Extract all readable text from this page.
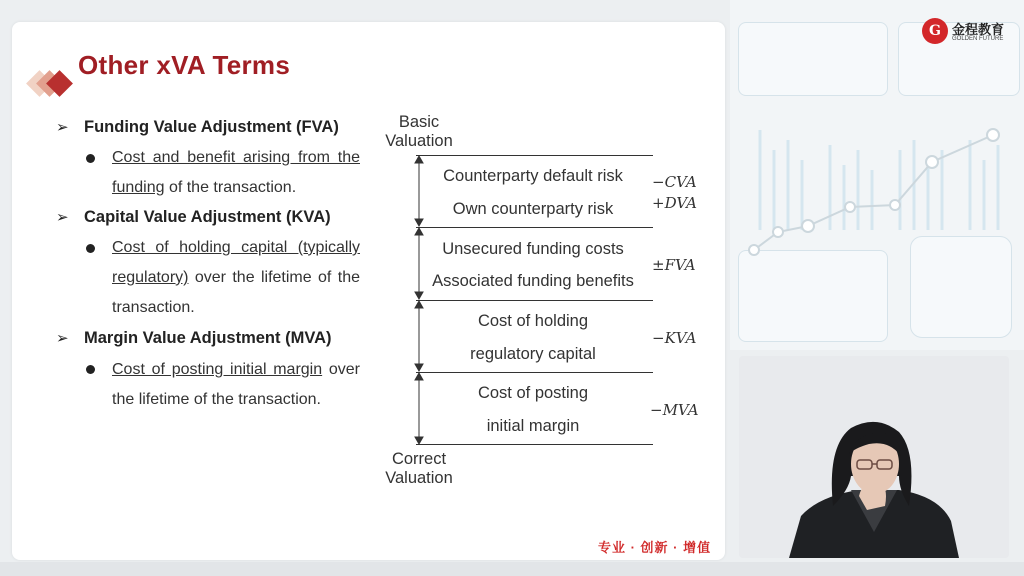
Other xVA Terms
➢ Funding Value Adjustment (FVA)
Cost and benefit arising from the funding of the transaction.
➢ Capital Value Adjustment (KVA)
Cost of holding capital (typically regulatory) over the lifetime of the transaction.
➢ Margin Value Adjustment (MVA)
Cost of posting initial margin over the lifetime of the transaction.
Basic
Valuation
Correct
Valuation
Counterparty default risk
Own counterparty risk
Unsecured funding costs
Associated funding benefits
Cost of holding
regulatory capital
Cost of posting
initial margin
−CVA
+DVA
±FVA
−KVA
−MVA
专业 · 创新 · 增值
G 金程教育
GOLDEN FUTURE
